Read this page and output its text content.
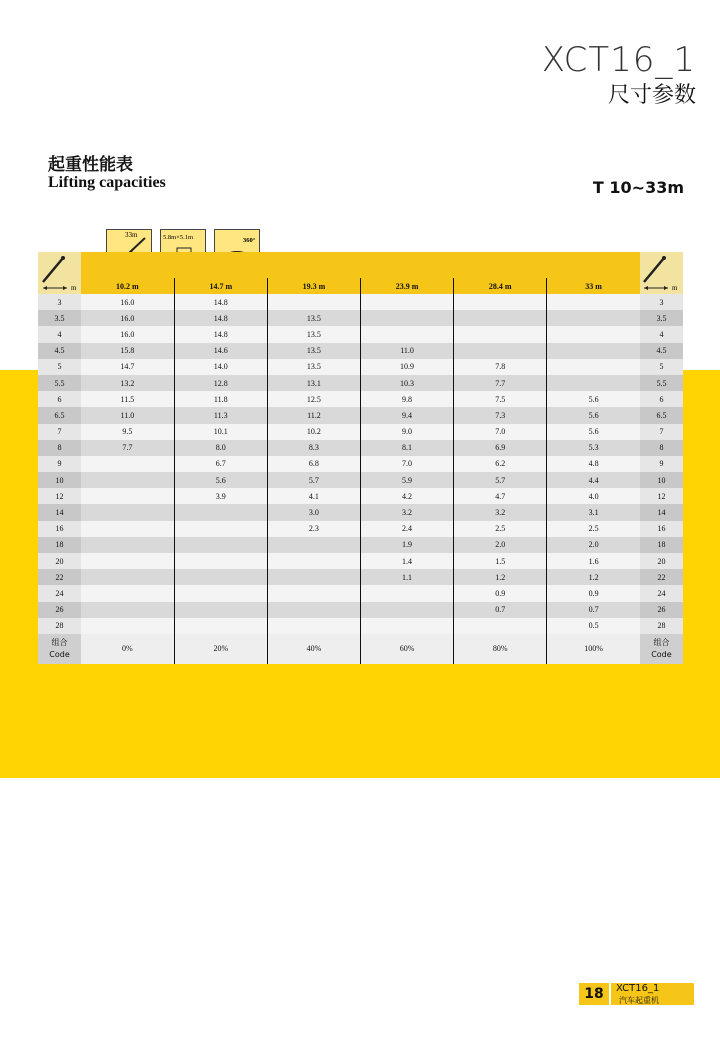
XCT16_1
尺寸参数
起重性能表
Lifting capacities	T 10~33m
33m	5.8m×5.1m	360°
m							m

	10.2 m	14.7 m	19.3 m	23.9 m	28.4 m	33 m	
3	16.0	14.8					3
3.5	16.0	14.8	13.5				3.5
4	16.0	14.8	13.5				4
4.5	15.8	14.6	13.5	11.0			4.5
5	14.7	14.0	13.5	10.9	7.8		5
5.5	13.2	12.8	13.1	10.3	7.7		5.5
6	11.5	11.8	12.5	9.8	7.5	5.6	6
6.5	11.0	11.3	11.2	9.4	7.3	5.6	6.5
7	9.5	10.1	10.2	9.0	7.0	5.6	7
8	7.7	8.0	8.3	8.1	6.9	5.3	8
9		6.7	6.8	7.0	6.2	4.8	9
10		5.6	5.7	5.9	5.7	4.4	10
12		3.9	4.1	4.2	4.7	4.0	12
14			3.0	3.2	3.2	3.1	14
16			2.3	2.4	2.5	2.5	16
18				1.9	2.0	2.0	18
20				1.4	1.5	1.6	20
22				1.1	1.2	1.2	22
24					0.9	0.9	24
26					0.7	0.7	26
28						0.5	28
组合
Code	0%	20%	40%	60%	80%	100%	组合
Code
18	XCT16_1
汽车起重机
